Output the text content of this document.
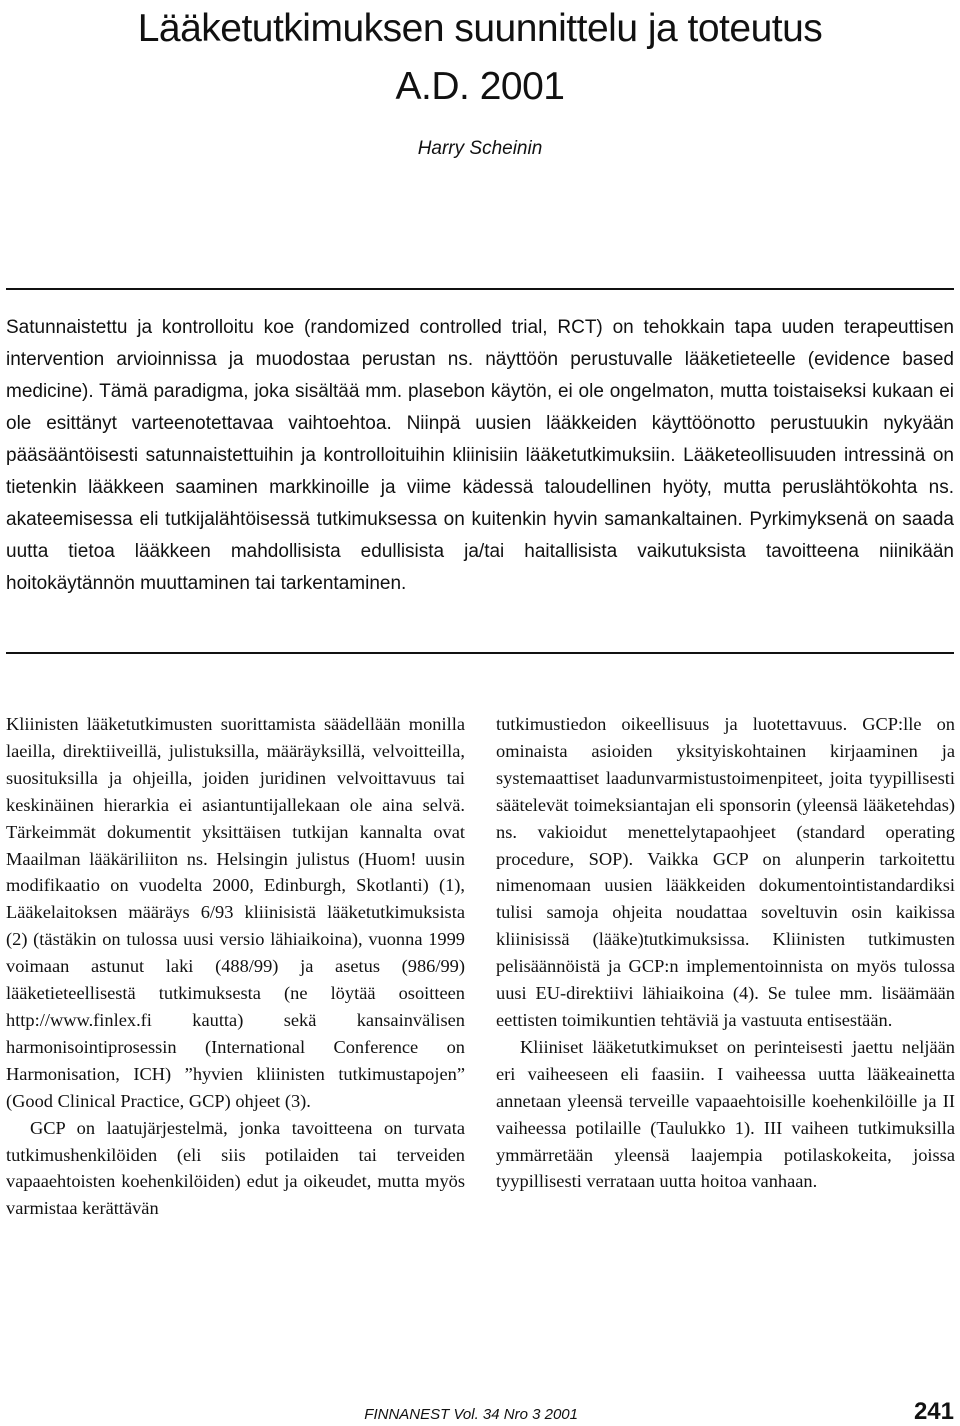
Lääketutkimuksen suunnittelu ja toteutus
A.D. 2001
Harry Scheinin

Satunnaistettu ja kontrolloitu koe (randomized controlled trial, RCT) on tehokkain tapa uuden terapeuttisen intervention arvioinnissa ja muodostaa perustan ns. näyttöön perustuvalle lääketieteelle (evidence based medicine). Tämä paradigma, joka sisältää mm. plasebon käytön, ei ole ongelmaton, mutta toistaiseksi kukaan ei ole esittänyt varteenotettavaa vaihtoehtoa. Niinpä uusien lääkkeiden käyttöönotto perustuukin nykyään pääsääntöisesti satunnaistettuihin ja kontrolloituihin kliinisiin lääketutkimuksiin. Lääketeollisuuden intressinä on tietenkin lääkkeen saaminen markkinoille ja viime kädessä taloudellinen hyöty, mutta peruslähtökohta ns. akateemisessa eli tutkijalähtöisessä tutkimuksessa on kuitenkin hyvin samankaltainen. Pyrkimyksenä on saada uutta tietoa lääkkeen mahdollisista edullisista ja/tai haitallisista vaikutuksista tavoitteena niinikään hoitokäytännön muuttaminen tai tarkentaminen.

Kliinisten lääketutkimusten suorittamista säädellään monilla laeilla, direktiiveillä, julistuksilla, määräyksillä, velvoitteilla, suosituksilla ja ohjeilla, joiden juridinen velvoittavuus tai keskinäinen hierarkia ei asiantuntijallekaan ole aina selvä. Tärkeimmät dokumentit yksittäisen tutkijan kannalta ovat Maailman lääkäriliiton ns. Helsingin julistus (Huom! uusin modifikaatio on vuodelta 2000, Edinburgh, Skotlanti) (1), Lääkelaitoksen määräys 6/93 kliinisistä lääketutkimuksista (2) (tästäkin on tulossa uusi versio lähiaikoina), vuonna 1999 voimaan astunut laki (488/99) ja asetus (986/99) lääketieteellisestä tutkimuksesta (ne löytää osoitteen http://www.finlex.fi kautta) sekä kansainvälisen harmonisointiprosessin (International Conference on Harmonisation, ICH) ”hyvien kliinisten tutkimustapojen” (Good Clinical Practice, GCP) ohjeet (3).

GCP on laatujärjestelmä, jonka tavoitteena on turvata tutkimushenkilöiden (eli siis potilaiden tai terveiden vapaaehtoisten koehenkilöiden) edut ja oikeudet, mutta myös varmistaa kerättävän

tutkimustiedon oikeellisuus ja luotettavuus. GCP:lle on ominaista asioiden yksityiskohtainen kirjaaminen ja systemaattiset laadunvarmistustoimenpiteet, joita tyypillisesti säätelevät toimeksiantajan eli sponsorin (yleensä lääketehdas) ns. vakioidut menettelytapaohjeet (standard operating procedure, SOP). Vaikka GCP on alunperin tarkoitettu nimenomaan uusien lääkkeiden dokumentointistandardiksi tulisi samoja ohjeita noudattaa soveltuvin osin kaikissa kliinisissä (lääke)tutkimuksissa. Kliinisten tutkimusten pelisäännöistä ja GCP:n implementoinnista on myös tulossa uusi EU-direktiivi lähiaikoina (4). Se tulee mm. lisäämään eettisten toimikuntien tehtäviä ja vastuuta entisestään.

Kliiniset lääketutkimukset on perinteisesti jaettu neljään eri vaiheeseen eli faasiin. I vaiheessa uutta lääkeainetta annetaan yleensä terveille vapaaehtoisille koehenkilöille ja II vaiheessa potilaille (Taulukko 1). III vaiheen tutkimuksilla ymmärretään yleensä laajempia potilaskokeita, joissa tyypillisesti verrataan uutta hoitoa vanhaan.

FINNANEST Vol. 34 Nro 3 2001	241
